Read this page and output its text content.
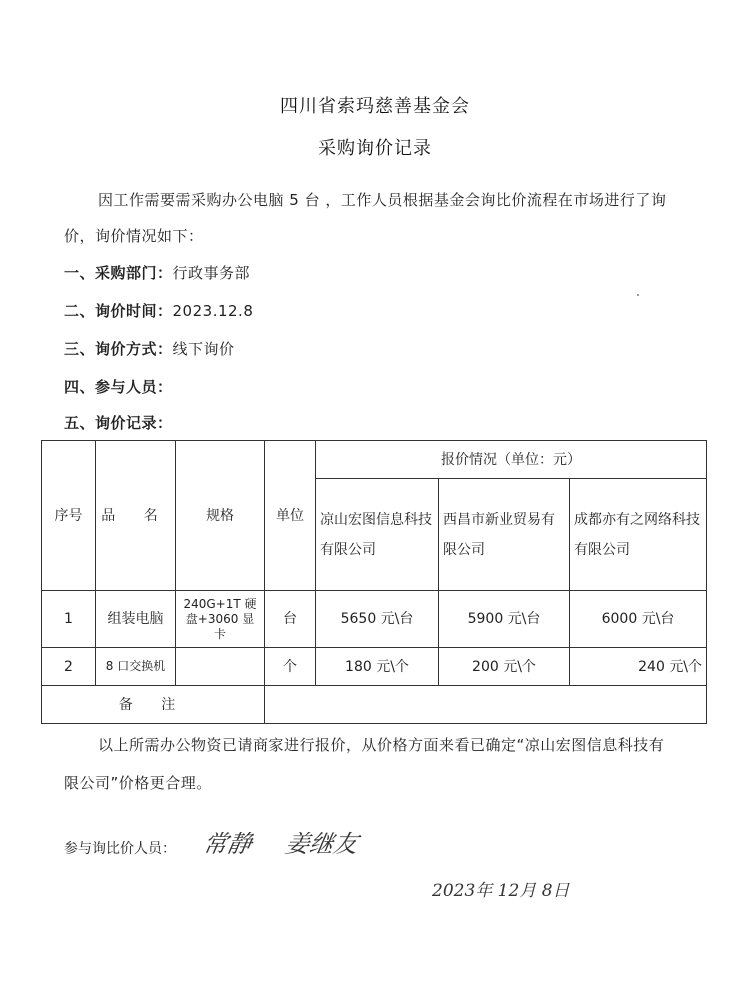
四川省索玛慈善基金会
采购询价记录
因工作需要需采购办公电脑 5 台 ，工作人员根据基金会询比价流程在市场进行了询价，询价情况如下：
一、采购部门：行政事务部
二、询价时间：2023.12.8
三、询价方式：线下询价
四、参与人员：
五、询价记录：
序号	品 名	规格	单位	报价情况（单位：元）		
				凉山宏图信息科技有限公司	西昌市新业贸易有限公司	成都亦有之网络科技有限公司
1	组装电脑	240G+1T 硬盘+3060 显卡	台	5650 元\台	5900 元\台	6000 元\台
2	8 口交换机		个	180 元\个	200 元\个	240 元\个
备 注						
以上所需办公物资已请商家进行报价，从价格方面来看已确定“凉山宏图信息科技有限公司”价格更合理。
参与询比价人员： 常静 姜继友
2023年 12月 8日
